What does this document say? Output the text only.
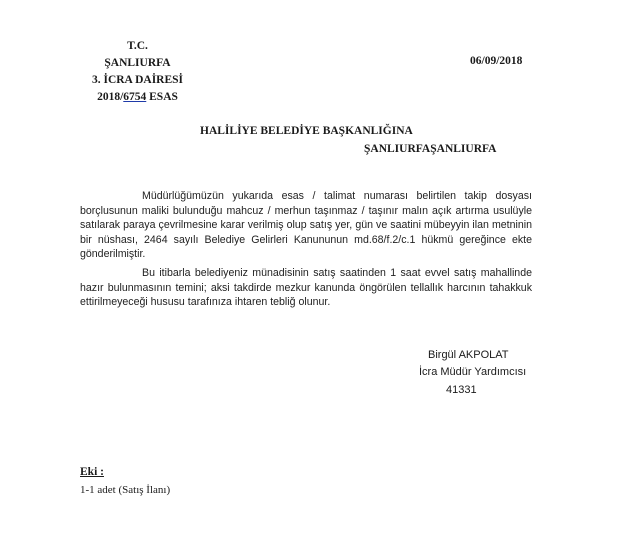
T.C.
ŞANLIURFA
3. İCRA DAİRESİ
2018/6754 ESAS
06/09/2018
HALİLİYE BELEDİYE BAŞKANLIĞINA
ŞANLIURFAŞANLIURFA

Müdürlüğümüzün yukarıda esas / talimat numarası belirtilen takip dosyası borçlusunun maliki bulunduğu mahcuz / merhun taşınmaz / taşınır malın açık artırma usulüyle satılarak paraya çevrilmesine karar verilmiş olup satış yer, gün ve saatini mübeyyin ilan metninin bir nüshası, 2464 sayılı Belediye Gelirleri Kanununun md.68/f.2/c.1 hükmü gereğince ekte gönderilmiştir.

Bu itibarla belediyeniz münadisinin satış saatinden 1 saat evvel satış mahallinde hazır bulunmasının temini; aksi takdirde mezkur kanunda öngörülen tellallık harcının tahakkuk ettirilmeyeceği hususu tarafınıza ihtaren tebliğ olunur.

Birgül AKPOLAT
İcra Müdür Yardımcısı
41331
Eki :
1-1 adet (Satış İlanı)
